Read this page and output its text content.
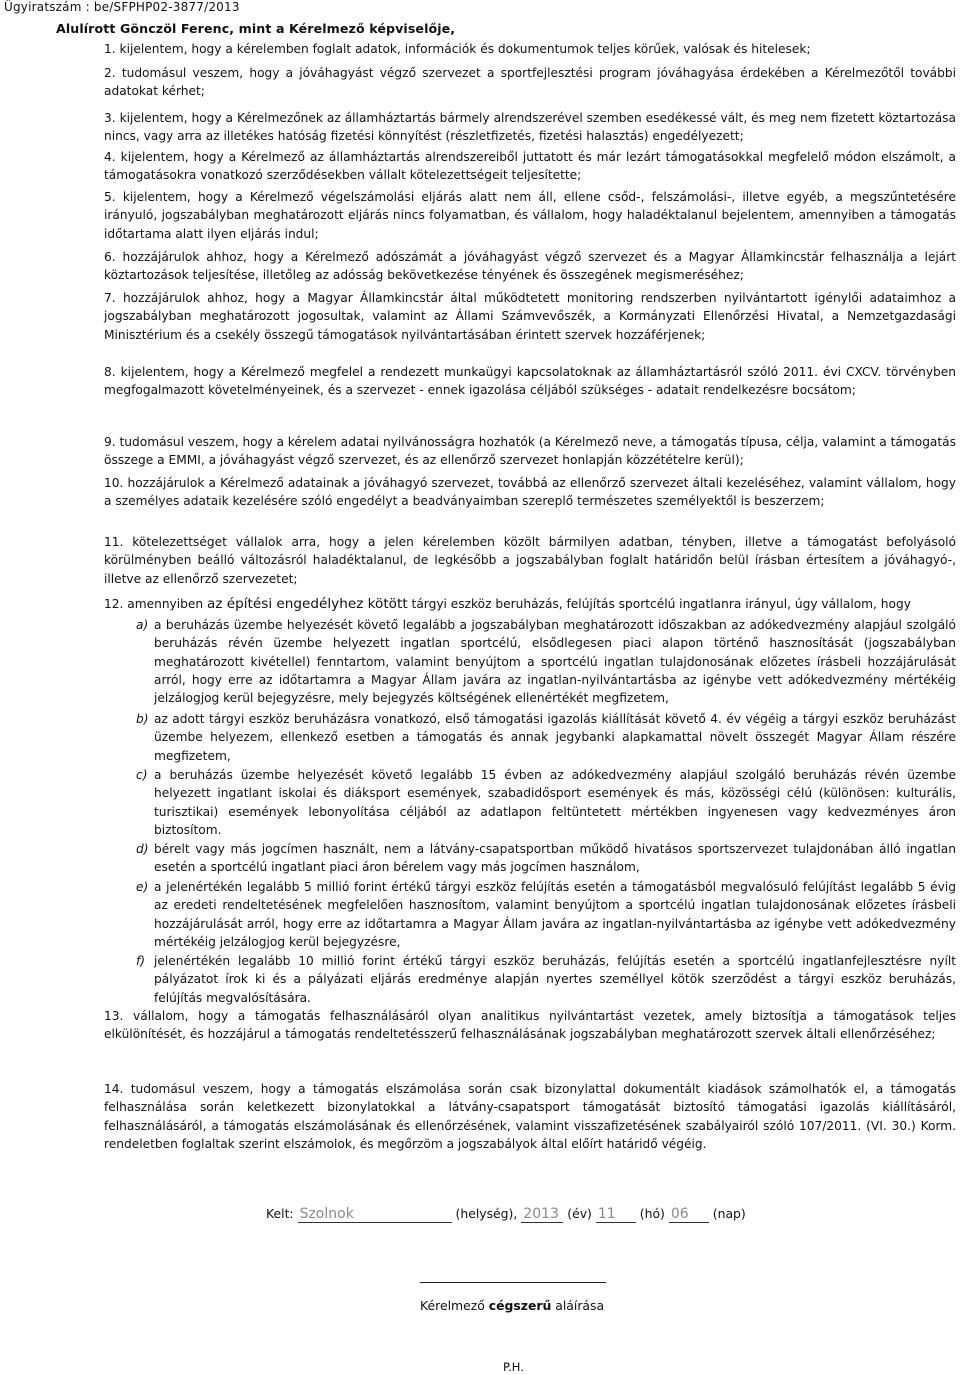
Ügyiratszám : be/SFPHP02-3877/2013
Alulírott Gönczöl Ferenc, mint a Kérelmező képviselője,
1. kijelentem, hogy a kérelemben foglalt adatok, információk és dokumentumok teljes körűek, valósak és hitelesek;
2. tudomásul veszem, hogy a jóváhagyást végző szervezet a sportfejlesztési program jóváhagyása érdekében a Kérelmezőtől további adatokat kérhet;
3. kijelentem, hogy a Kérelmezőnek az államháztartás bármely alrendszerével szemben esedékessé vált, és meg nem fizetett köztartozása nincs, vagy arra az illetékes hatóság fizetési könnyítést (részletfizetés, fizetési halasztás) engedélyezett;
4. kijelentem, hogy a Kérelmező az államháztartás alrendszereiből juttatott és már lezárt támogatásokkal megfelelő módon elszámolt, a támogatásokra vonatkozó szerződésekben vállalt kötelezettségeit teljesítette;
5. kijelentem, hogy a Kérelmező végelszámolási eljárás alatt nem áll, ellene csőd-, felszámolási-, illetve egyéb, a megszűntetésére irányuló, jogszabályban meghatározott eljárás nincs folyamatban, és vállalom, hogy haladéktalanul bejelentem, amennyiben a támogatás időtartama alatt ilyen eljárás indul;
6. hozzájárulok ahhoz, hogy a Kérelmező adószámát a jóváhagyást végző szervezet és a Magyar Államkincstár felhasználja a lejárt köztartozások teljesítése, illetőleg az adósság bekövetkezése tényének és összegének megismeréséhez;
7. hozzájárulok ahhoz, hogy a Magyar Államkincstár által működtetett monitoring rendszerben nyilvántartott igénylői adataimhoz a jogszabályban meghatározott jogosultak, valamint az Állami Számvevőszék, a Kormányzati Ellenőrzési Hivatal, a Nemzetgazdasági Minisztérium és a csekély összegű támogatások nyilvántartásában érintett szervek hozzáférjenek;
8. kijelentem, hogy a Kérelmező megfelel a rendezett munkaügyi kapcsolatoknak az államháztartásról szóló 2011. évi CXCV. törvényben megfogalmazott követelményeinek, és a szervezet - ennek igazolása céljából szükséges - adatait rendelkezésre bocsátom;
9. tudomásul veszem, hogy a kérelem adatai nyilvánosságra hozhatók (a Kérelmező neve, a támogatás típusa, célja, valamint a támogatás összege a EMMI, a jóváhagyást végző szervezet, és az ellenőrző szervezet honlapján közzétételre kerül);
10. hozzájárulok a Kérelmező adatainak a jóváhagyó szervezet, továbbá az ellenőrző szervezet általi kezeléséhez, valamint vállalom, hogy a személyes adataik kezelésére szóló engedélyt a beadványaimban szereplő természetes személyektől is beszerzem;
11. kötelezettséget vállalok arra, hogy a jelen kérelemben közölt bármilyen adatban, tényben, illetve a támogatást befolyásoló körülményben beálló változásról haladéktalanul, de legkésőbb a jogszabályban foglalt határidőn belül írásban értesítem a jóváhagyó-, illetve az ellenőrző szervezetet;
12. amennyiben az építési engedélyhez kötött tárgyi eszköz beruházás, felújítás sportcélú ingatlanra irányul, úgy vállalom, hogy
a) a beruházás üzembe helyezését követő legalább a jogszabályban meghatározott időszakban az adókedvezmény alapjául szolgáló beruházás révén üzembe helyezett ingatlan sportcélú, elsődlegesen piaci alapon történő hasznosítását (jogszabályban meghatározott kivétellel) fenntartom, valamint benyújtom a sportcélú ingatlan tulajdonosának előzetes írásbeli hozzájárulását arról, hogy erre az időtartamra a Magyar Állam javára az ingatlan-nyilvántartásba az igénybe vett adókedvezmény mértékéig jelzálogjog kerül bejegyzésre, mely bejegyzés költségének ellenértékét megfizetem,
b) az adott tárgyi eszköz beruházásra vonatkozó, első támogatási igazolás kiállítását követő 4. év végéig a tárgyi eszköz beruházást üzembe helyezem, ellenkező esetben a támogatás és annak jegybanki alapkamattal növelt összegét Magyar Állam részére megfizetem,
c) a beruházás üzembe helyezését követő legalább 15 évben az adókedvezmény alapjául szolgáló beruházás révén üzembe helyezett ingatlant iskolai és diáksport események, szabadidősport események és más, közösségi célú (különösen: kulturális, turisztikai) események lebonyolítása céljából az adatlapon feltüntetett mértékben ingyenesen vagy kedvezményes áron biztosítom.
d) bérelt vagy más jogcímen használt, nem a látvány-csapatsportban működő hivatásos sportszervezet tulajdonában álló ingatlan esetén a sportcélú ingatlant piaci áron bérelem vagy más jogcímen használom,
e) a jelenértékén legalább 5 millió forint értékű tárgyi eszköz felújítás esetén a támogatásból megvalósuló felújítást legalább 5 évig az eredeti rendeltetésének megfelelően hasznosítom, valamint benyújtom a sportcélú ingatlan tulajdonosának előzetes írásbeli hozzájárulását arról, hogy erre az időtartamra a Magyar Állam javára az ingatlan-nyilvántartásba az igénybe vett adókedvezmény mértékéig jelzálogjog kerül bejegyzésre,
f) jelenértékén legalább 10 millió forint értékű tárgyi eszköz beruházás, felújítás esetén a sportcélú ingatlanfejlesztésre nyílt pályázatot írok ki és a pályázati eljárás eredménye alapján nyertes személlyel kötök szerződést a tárgyi eszköz beruházás, felújítás megvalósítására.
13. vállalom, hogy a támogatás felhasználásáról olyan analitikus nyilvántartást vezetek, amely biztosítja a támogatások teljes elkülönítését, és hozzájárul a támogatás rendeltetésszerű felhasználásának jogszabályban meghatározott szervek általi ellenőrzéséhez;
14. tudomásul veszem, hogy a támogatás elszámolása során csak bizonylattal dokumentált kiadások számolhatók el, a támogatás felhasználása során keletkezett bizonylatokkal a látvány-csapatsport támogatását biztosító támogatási igazolás kiállításáról, felhasználásáról, a támogatás elszámolásának és ellenőrzésének, valamint visszafizetésének szabályairól szóló 107/2011. (VI. 30.) Korm. rendeletben foglaltak szerint elszámolok, és megőrzöm a jogszabályok által előírt határidő végéig.
Kelt: Szolnok	(helység), 2013 (év) 11 (hó) 06 (nap)
Kérelmező cégszerű aláírása
P.H.
